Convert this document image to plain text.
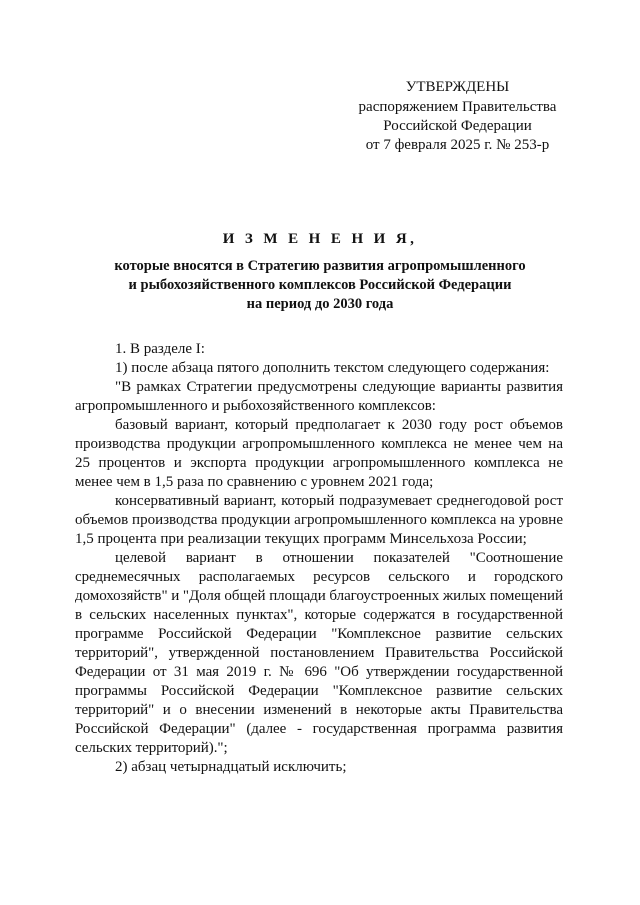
УТВЕРЖДЕНЫ
распоряжением Правительства
Российской Федерации
от 7 февраля 2025 г. № 253-р
И З М Е Н Е Н И Я,
которые вносятся в Стратегию развития агропромышленного
и рыбохозяйственного комплексов Российской Федерации
на период до 2030 года

1. В разделе I:

1) после абзаца пятого дополнить текстом следующего содержания:

"В рамках Стратегии предусмотрены следующие варианты развития агропромышленного и рыбохозяйственного комплексов:

базовый вариант, который предполагает к 2030 году рост объемов производства продукции агропромышленного комплекса не менее чем на 25 процентов и экспорта продукции агропромышленного комплекса не менее чем в 1,5 раза по сравнению с уровнем 2021 года;

консервативный вариант, который подразумевает среднегодовой рост объемов производства продукции агропромышленного комплекса на уровне 1,5 процента при реализации текущих программ Минсельхоза России;

целевой вариант в отношении показателей "Соотношение среднемесячных располагаемых ресурсов сельского и городского домохозяйств" и "Доля общей площади благоустроенных жилых помещений в сельских населенных пунктах", которые содержатся в государственной программе Российской Федерации "Комплексное развитие сельских территорий", утвержденной постановлением Правительства Российской Федерации от 31 мая 2019 г. № 696 "Об утверждении государственной программы Российской Федерации "Комплексное развитие сельских территорий" и о внесении изменений в некоторые акты Правительства Российской Федерации" (далее - государственная программа развития сельских территорий).";

2) абзац четырнадцатый исключить;
